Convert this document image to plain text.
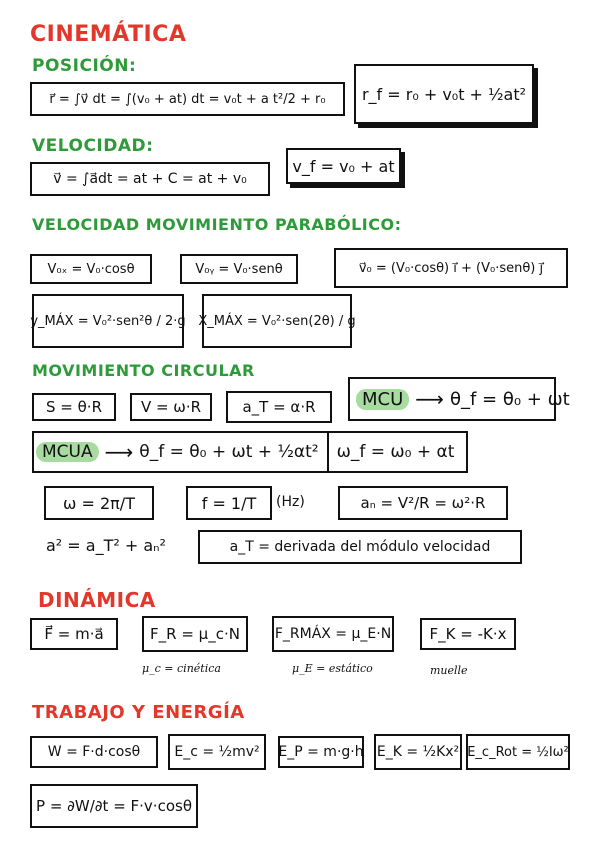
CINEMÁTICA
POSICIÓN:
r⃗ = ∫v⃗ dt = ∫(v₀ + at) dt = v₀t + a t²/2 + r₀	r_f = r₀ + v₀t + ½at²
VELOCIDAD:
v⃗ = ∫a⃗dt = at + C = at + v₀
v_f = v₀ + at
VELOCIDAD MOVIMIENTO PARABÓLICO:
V₀ₓ = V₀·cosθ	V₀ᵧ = V₀·senθ	v⃗₀ = (V₀·cosθ) i⃗ + (V₀·senθ) j⃗
y_MÁX = V₀²·sen²θ / 2·g X_MÁX = V₀²·sen(2θ) / g
MOVIMIENTO CIRCULAR
S = θ·R	V = ω·R	a_T = α·R	MCU ⟶ θ_f = θ₀ + ωt
MCUA ⟶ θ_f = θ₀ + ωt + ½αt² ω_f = ω₀ + αt
ω = 2π/T	f = 1/T	(Hz)	aₙ = V²/R = ω²·R
a² = a_T² + aₙ²	a_T = derivada del módulo velocidad
DINÁMICA
F⃗ = m·a⃗	F_R = μ_c·N	F_RMÁX = μ_E·N	F_K = -K·x
μ_c = cinética	μ_E = estático	muelle
TRABAJO Y ENERGÍA
W = F·d·cosθ	E_c = ½mv²	E_P = m·g·h E_K = ½Kx² E_c_Rot = ½Iω²
P = ∂W/∂t = F·v·cosθ
